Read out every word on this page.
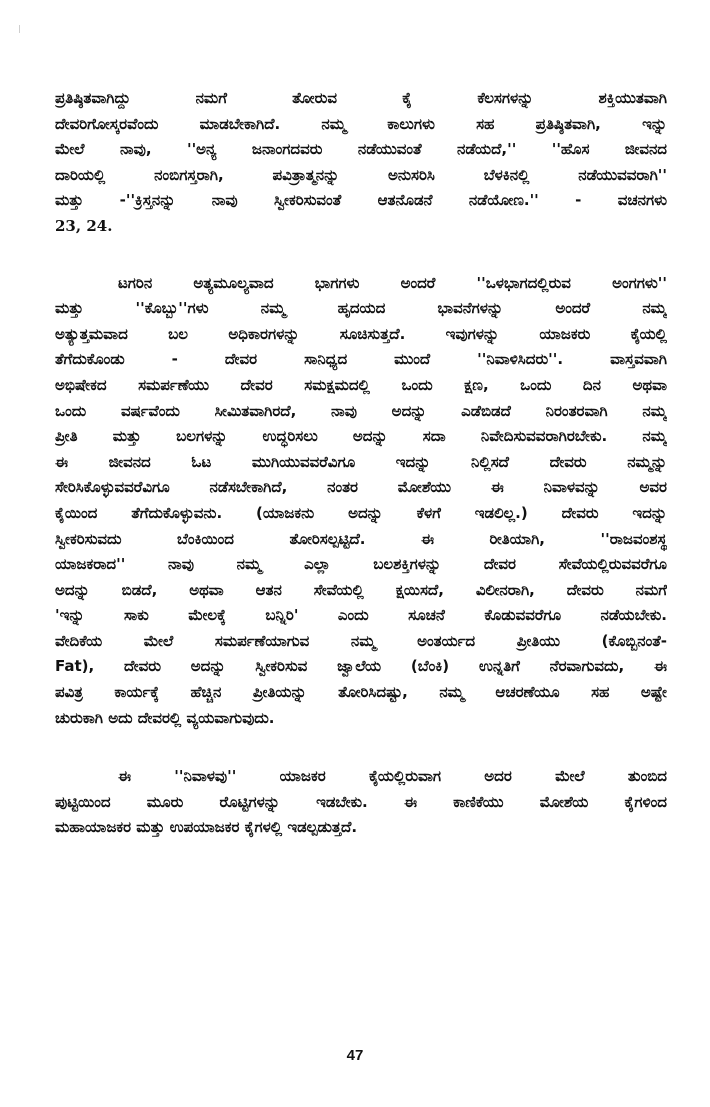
ಪ್ರತಿಷ್ಠಿತವಾಗಿದ್ದು ನಮಗೆ ತೋರುವ ಕೈ ಕೆಲಸಗಳನ್ನು ಶಕ್ತಿಯುತವಾಗಿ
ದೇವರಿಗೋಸ್ಕರವೆಂದು ಮಾಡಬೇಕಾಗಿದೆ. ನಮ್ಮ ಕಾಲುಗಳು ಸಹ ಪ್ರತಿಷ್ಠಿತವಾಗಿ, ಇನ್ನು
ಮೇಲೆ ನಾವು, ''ಅನ್ಯ ಜನಾಂಗದವರು ನಡೆಯುವಂತೆ ನಡೆಯದೆ,'' ''ಹೊಸ ಜೀವನದ
ದಾರಿಯಲ್ಲಿ ನಂಬಿಗಸ್ತರಾಗಿ, ಪವಿತ್ರಾತ್ಮನನ್ನು ಅನುಸರಿಸಿ ಬೆಳಕಿನಲ್ಲಿ ನಡೆಯುವವರಾಗಿ''
ಮತ್ತು -''ಕ್ರಿಸ್ತನನ್ನು ನಾವು ಸ್ವೀಕರಿಸುವಂತೆ ಆತನೊಡನೆ ನಡೆಯೋಣ.'' - ವಚನಗಳು
23, 24.
ಟಗರಿನ ಅತ್ಯಮೂಲ್ಯವಾದ ಭಾಗಗಳು ಅಂದರೆ ''ಒಳಭಾಗದಲ್ಲಿರುವ ಅಂಗಗಳು''
ಮತ್ತು ''ಕೊಬ್ಬು''ಗಳು ನಮ್ಮ ಹೃದಯದ ಭಾವನೆಗಳನ್ನು ಅಂದರೆ ನಮ್ಮ
ಅತ್ಯುತ್ತಮವಾದ ಬಲ ಅಧಿಕಾರಗಳನ್ನು ಸೂಚಿಸುತ್ತದೆ. ಇವುಗಳನ್ನು ಯಾಜಕರು ಕೈಯಲ್ಲಿ
ತೆಗೆದುಕೊಂಡು - ದೇವರ ಸಾನಿಧ್ಯದ ಮುಂದೆ ''ನಿವಾಳಿಸಿದರು''. ವಾಸ್ತವವಾಗಿ
ಅಭಿಷೇಕದ ಸಮರ್ಪಣೆಯು ದೇವರ ಸಮಕ್ಷಮದಲ್ಲಿ ಒಂದು ಕ್ಷಣ, ಒಂದು ದಿನ ಅಥವಾ
ಒಂದು ವರ್ಷವೆಂದು ಸೀಮಿತವಾಗಿರದೆ, ನಾವು ಅದನ್ನು ಎಡೆಬಿಡದೆ ನಿರಂತರವಾಗಿ ನಮ್ಮ
ಪ್ರೀತಿ ಮತ್ತು ಬಲಗಳನ್ನು ಉದ್ಧರಿಸಲು ಅದನ್ನು ಸದಾ ನಿವೇದಿಸುವವರಾಗಿರಬೇಕು. ನಮ್ಮ
ಈ ಜೀವನದ ಓಟ ಮುಗಿಯುವವರೆವಿಗೂ ಇದನ್ನು ನಿಲ್ಲಿಸದೆ ದೇವರು ನಮ್ಮನ್ನು
ಸೇರಿಸಿಕೊಳ್ಳುವವರೆವಿಗೂ ನಡೆಸಬೇಕಾಗಿದೆ, ನಂತರ ಮೋಶೆಯು ಈ ನಿವಾಳವನ್ನು ಅವರ
ಕೈಯಿಂದ ತೆಗೆದುಕೊಳ್ಳುವನು. (ಯಾಜಕನು ಅದನ್ನು ಕೆಳಗೆ ಇಡಲಿಲ್ಲ.) ದೇವರು ಇದನ್ನು
ಸ್ವೀಕರಿಸುವದು ಬೆಂಕಿಯಿಂದ ತೋರಿಸಲ್ಪಟ್ಟಿದೆ. ಈ ರೀತಿಯಾಗಿ, ''ರಾಜವಂಶಸ್ಥ
ಯಾಜಕರಾದ'' ನಾವು ನಮ್ಮ ಎಲ್ಲಾ ಬಲಶಕ್ತಿಗಳನ್ನು ದೇವರ ಸೇವೆಯಲ್ಲಿರುವವರೆಗೂ
ಅದನ್ನು ಬಿಡದೆ, ಅಥವಾ ಆತನ ಸೇವೆಯಲ್ಲಿ ಕ್ಷಯಿಸದೆ, ವಿಲೀನರಾಗಿ, ದೇವರು ನಮಗೆ
'ಇನ್ನು ಸಾಕು ಮೇಲಕ್ಕೆ ಬನ್ನಿರಿ' ಎಂದು ಸೂಚನೆ ಕೊಡುವವರೆಗೂ ನಡೆಯಬೇಕು.
ವೇದಿಕೆಯ ಮೇಲೆ ಸಮರ್ಪಣೆಯಾಗುವ ನಮ್ಮ ಅಂತರ್ಯದ ಪ್ರೀತಿಯು (ಕೊಬ್ಬಿನಂತೆ-
Fat), ದೇವರು ಅದನ್ನು ಸ್ವೀಕರಿಸುವ ಜ್ವಾಲೆಯ (ಬೆಂಕಿ) ಉನ್ನತಿಗೆ ನೆರವಾಗುವದು, ಈ
ಪವಿತ್ರ ಕಾರ್ಯಕ್ಕೆ ಹೆಚ್ಚಿನ ಪ್ರೀತಿಯನ್ನು ತೋರಿಸಿದಷ್ಟು, ನಮ್ಮ ಆಚರಣೆಯೂ ಸಹ ಅಷ್ಟೇ
ಚುರುಕಾಗಿ ಅದು ದೇವರಲ್ಲಿ ವ್ಯಯವಾಗುವುದು.
ಈ ''ನಿವಾಳವು'' ಯಾಜಕರ ಕೈಯಲ್ಲಿರುವಾಗ ಅದರ ಮೇಲೆ ತುಂಬಿದ
ಪುಟ್ಟಿಯಿಂದ ಮೂರು ರೊಟ್ಟಿಗಳನ್ನು ಇಡಬೇಕು. ಈ ಕಾಣಿಕೆಯು ಮೋಶೆಯ ಕೈಗಳಿಂದ
ಮಹಾಯಾಜಕರ ಮತ್ತು ಉಪಯಾಜಕರ ಕೈಗಳಲ್ಲಿ ಇಡಲ್ಪಡುತ್ತದೆ.
47
